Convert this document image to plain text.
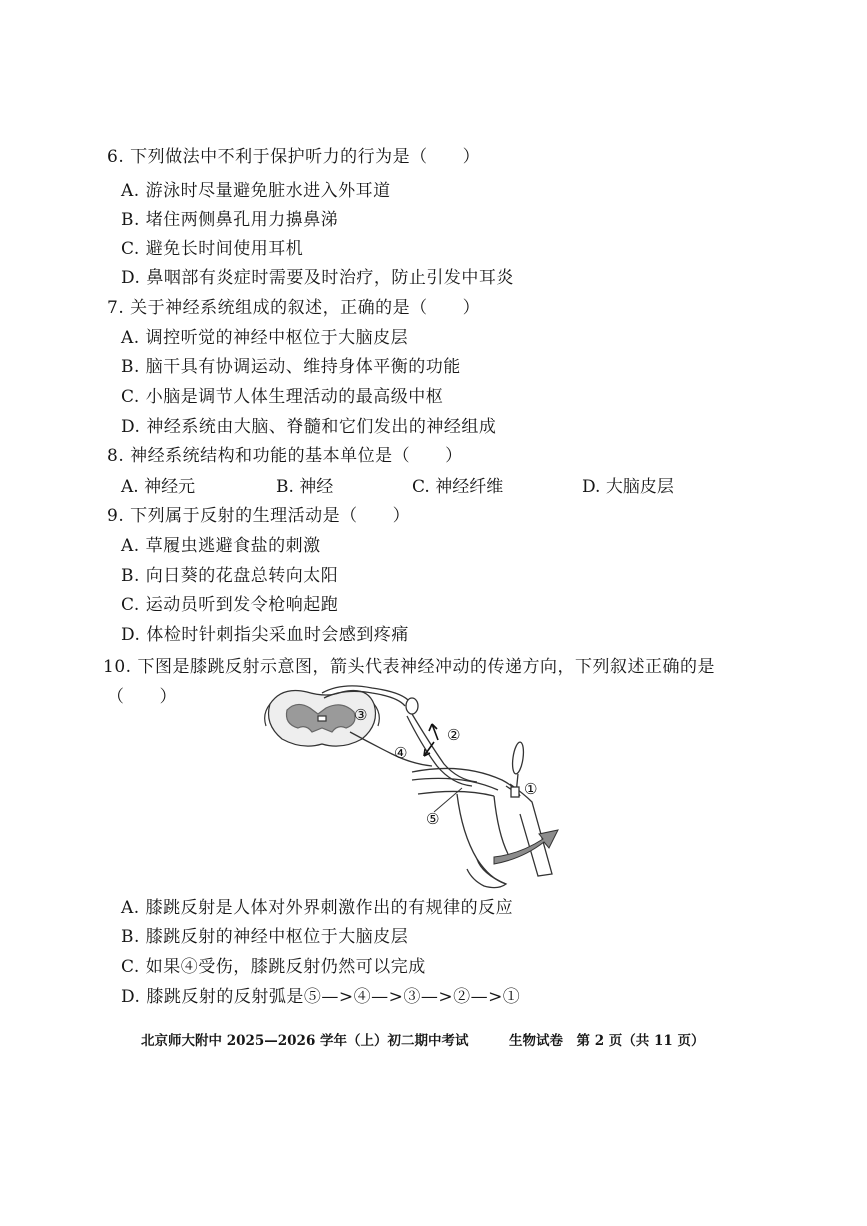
6. 下列做法中不利于保护听力的行为是（　　）
A. 游泳时尽量避免脏水进入外耳道
B. 堵住两侧鼻孔用力擤鼻涕
C. 避免长时间使用耳机
D. 鼻咽部有炎症时需要及时治疗，防止引发中耳炎
7. 关于神经系统组成的叙述，正确的是（　　）
A. 调控听觉的神经中枢位于大脑皮层
B. 脑干具有协调运动、维持身体平衡的功能
C. 小脑是调节人体生理活动的最高级中枢
D. 神经系统由大脑、脊髓和它们发出的神经组成
8. 神经系统结构和功能的基本单位是（　　）
A. 神经元	B. 神经	C. 神经纤维	D. 大脑皮层
9. 下列属于反射的生理活动是（　　）
A. 草履虫逃避食盐的刺激
B. 向日葵的花盘总转向太阳
C. 运动员听到发令枪响起跑
D. 体检时针刺指尖采血时会感到疼痛
10. 下图是膝跳反射示意图，箭头代表神经冲动的传递方向，下列叙述正确的是
（　　）
③
②
④
①
⑤
A. 膝跳反射是人体对外界刺激作出的有规律的反应
B. 膝跳反射的神经中枢位于大脑皮层
C. 如果④受伤，膝跳反射仍然可以完成
D. 膝跳反射的反射弧是⑤—>④—>③—>②—>①
北京师大附中 2025—2026 学年（上）初二期中考试	生物试卷　第 2 页（共 11 页）
